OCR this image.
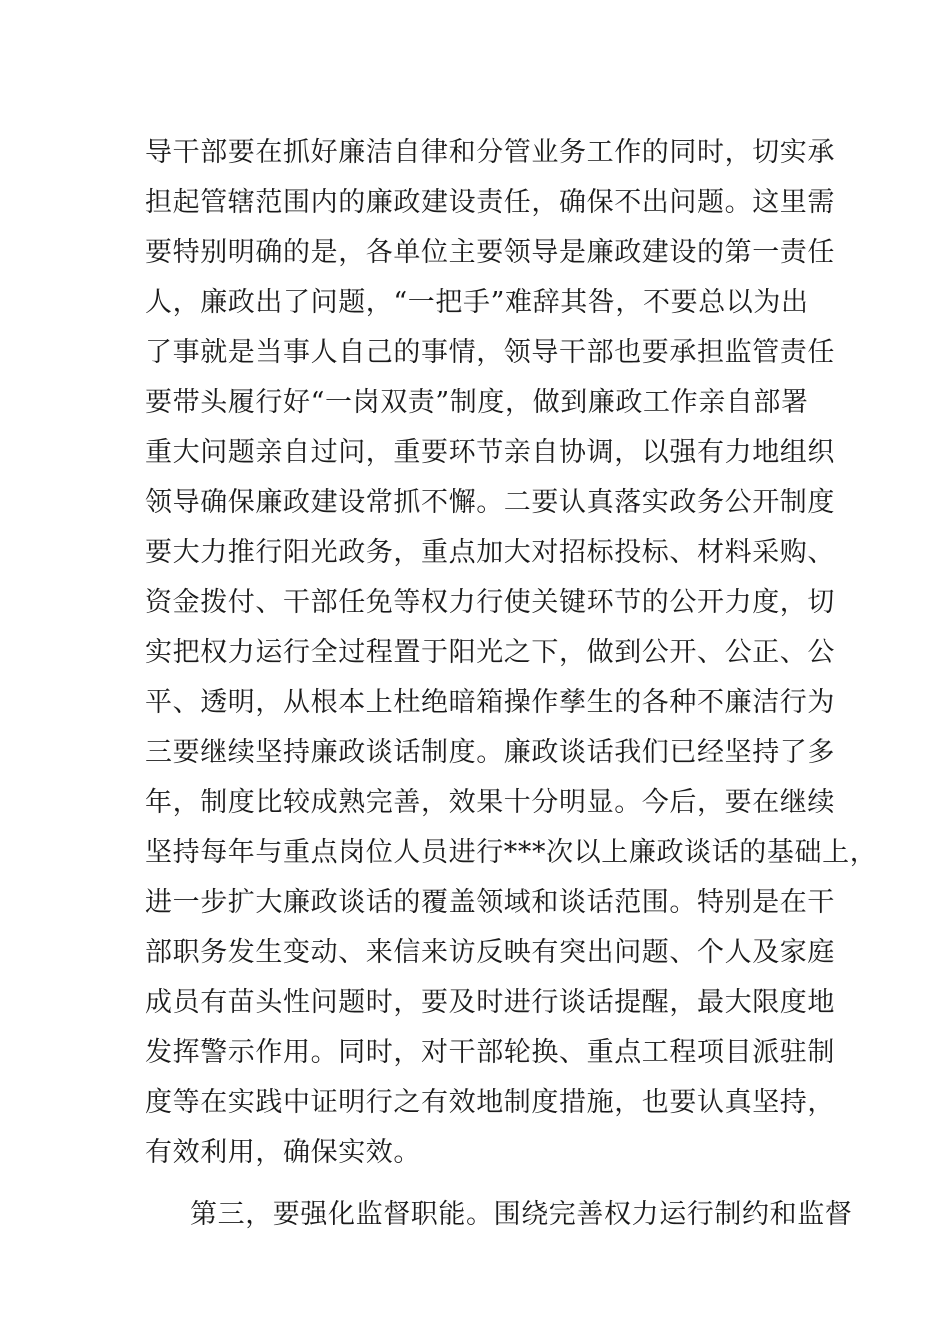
导干部要在抓好廉洁自律和分管业务工作的同时，切实承
担起管辖范围内的廉政建设责任，确保不出问题。这里需
要特别明确的是，各单位主要领导是廉政建设的第一责任
人，廉政出了问题，“一把手”难辞其咎，不要总以为出
了事就是当事人自己的事情，领导干部也要承担监管责任
要带头履行好“一岗双责”制度，做到廉政工作亲自部署
重大问题亲自过问，重要环节亲自协调，以强有力地组织
领导确保廉政建设常抓不懈。二要认真落实政务公开制度
要大力推行阳光政务，重点加大对招标投标、材料采购、
资金拨付、干部任免等权力行使关键环节的公开力度，切
实把权力运行全过程置于阳光之下，做到公开、公正、公
平、透明，从根本上杜绝暗箱操作孳生的各种不廉洁行为
三要继续坚持廉政谈话制度。廉政谈话我们已经坚持了多
年，制度比较成熟完善，效果十分明显。今后，要在继续
坚持每年与重点岗位人员进行***次以上廉政谈话的基础上，
进一步扩大廉政谈话的覆盖领域和谈话范围。特别是在干
部职务发生变动、来信来访反映有突出问题、个人及家庭
成员有苗头性问题时，要及时进行谈话提醒，最大限度地
发挥警示作用。同时，对干部轮换、重点工程项目派驻制
度等在实践中证明行之有效地制度措施，也要认真坚持，
有效利用，确保实效。
第三，要强化监督职能。围绕完善权力运行制约和监督
